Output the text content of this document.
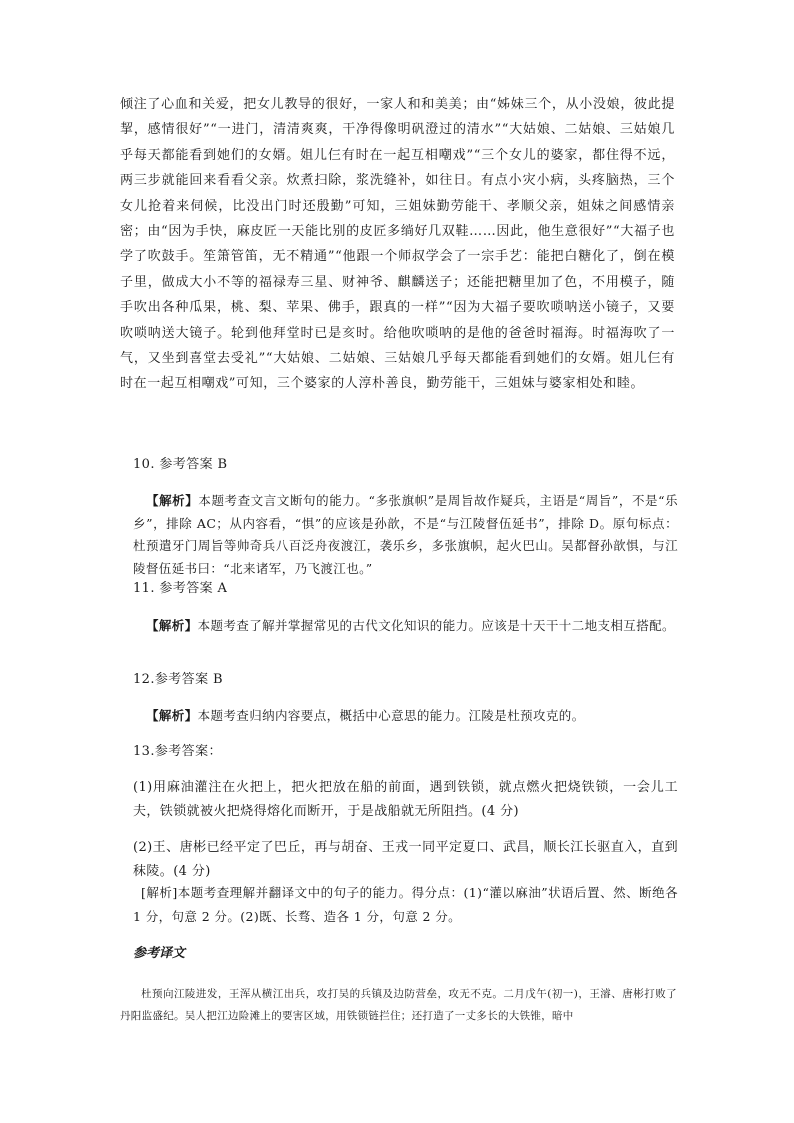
倾注了心血和关爱，把女儿教导的很好，一家人和和美美；由“姊妹三个，从小没娘，彼此提挈，感情很好”“一进门，清清爽爽，干净得像明矾澄过的清水”“大姑娘、二姑娘、三姑娘几乎每天都能看到她们的女婿。姐儿仨有时在一起互相嘲戏”“三个女儿的婆家，都住得不远，两三步就能回来看看父亲。炊煮扫除，浆洗缝补，如往日。有点小灾小病，头疼脑热，三个女儿抢着来伺候，比没出门时还殷勤”可知，三姐妹勤劳能干、孝顺父亲，姐妹之间感情亲密；由“因为手快，麻皮匠一天能比别的皮匠多绱好几双鞋……因此，他生意很好”“大福子也学了吹鼓手。笙箫管笛，无不精通”“他跟一个师叔学会了一宗手艺：能把白糖化了，倒在模子里，做成大小不等的福禄寿三星、财神爷、麒麟送子；还能把糖里加了色，不用模子，随手吹出各种瓜果，桃、梨、苹果、佛手，跟真的一样”“因为大福子要吹唢呐送小镜子，又要吹唢呐送大镜子。轮到他拜堂时已是亥时。给他吹唢呐的是他的爸爸时福海。时福海吹了一气，又坐到喜堂去受礼”“大姑娘、二姑娘、三姑娘几乎每天都能看到她们的女婿。姐儿仨有时在一起互相嘲戏”可知，三个婆家的人淳朴善良，勤劳能干，三姐妹与婆家相处和睦。

10. 参考答案 B

【解析】本题考查文言文断句的能力。“多张旗帜”是周旨故作疑兵，主语是“周旨”，不是“乐乡”，排除 AC；从内容看，“惧”的应该是孙歆，不是“与江陵督伍延书”，排除 D。原句标点：杜预遣牙门周旨等帅奇兵八百泛舟夜渡江，袭乐乡，多张旗帜，起火巴山。吴都督孙歆惧，与江陵督伍延书曰：“北来诸军，乃飞渡江也。”

11. 参考答案 A

【解析】本题考查了解并掌握常见的古代文化知识的能力。应该是十天干十二地支相互搭配。

12.参考答案 B

【解析】本题考查归纳内容要点，概括中心意思的能力。江陵是杜预攻克的。

13.参考答案：

(1)用麻油灌注在火把上，把火把放在船的前面，遇到铁锁，就点燃火把烧铁锁，一会儿工夫，铁锁就被火把烧得熔化而断开，于是战船就无所阻挡。(4 分)

(2)王、唐彬已经平定了巴丘，再与胡奋、王戎一同平定夏口、武昌，顺长江长驱直入，直到秣陵。(4 分)

[解析]本题考查理解并翻译文中的句子的能力。得分点：(1)“灌以麻油”状语后置、然、断绝各 1 分，句意 2 分。(2)既、长骛、造各 1 分，句意 2 分。

参考译文

杜预向江陵进发，王浑从横江出兵，攻打吴的兵镇及边防营垒，攻无不克。二月戊午(初一)，王濬、唐彬打败了丹阳监盛纪。吴人把江边险滩上的要害区域，用铁锁链拦住；还打造了一丈多长的大铁锥，暗中
